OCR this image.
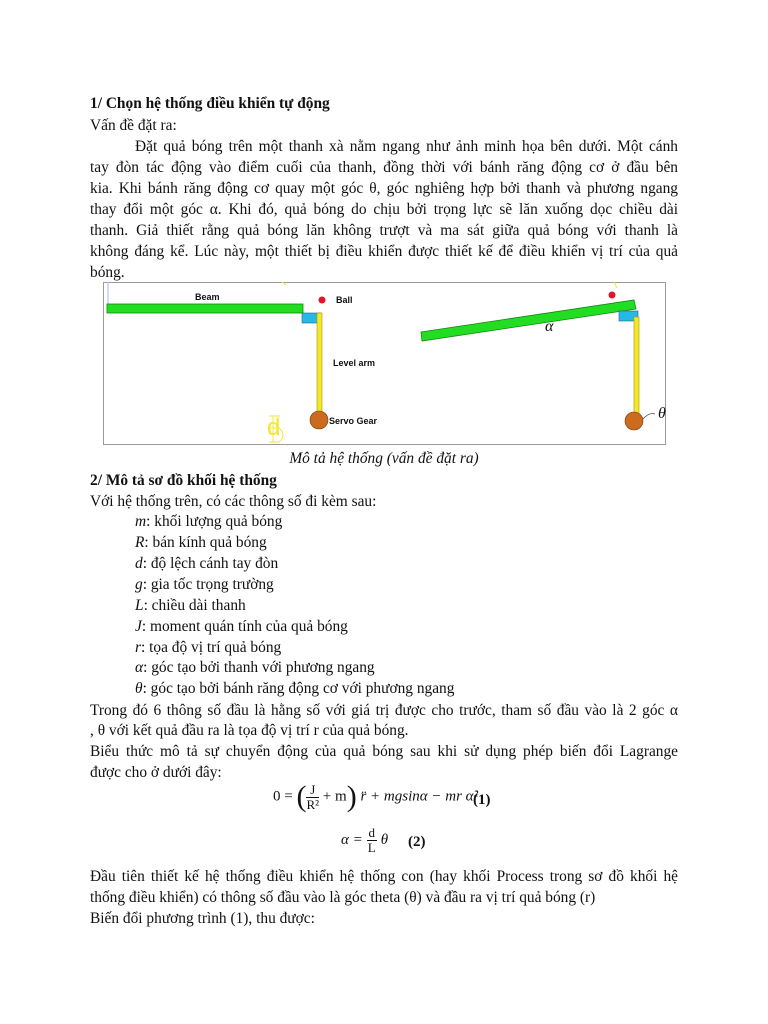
1/ Chọn hệ thống điều khiển tự động
Vấn đề đặt ra:
Đặt quả bóng trên một thanh xà nằm ngang như ảnh minh họa bên dưới. Một cánh
tay đòn tác động vào điểm cuối của thanh, đồng thời với bánh răng động cơ ở đầu bên
kia. Khi bánh răng động cơ quay một góc θ, góc nghiêng hợp bởi thanh và phương ngang
thay đổi một góc α. Khi đó, quả bóng do chịu bởi trọng lực sẽ lăn xuống dọc chiều dài
thanh. Giả thiết rằng quả bóng lăn không trượt và ma sát giữa quả bóng với thanh là
không đáng kể. Lúc này, một thiết bị điều khiển được thiết kế để điều khiển vị trí của quả
bóng.
Beam	Ball
Level arm
Servo Gear
d
α
θ
Mô tả hệ thống (vấn đề đặt ra)
2/ Mô tả sơ đồ khối hệ thống
Với hệ thống trên, có các thông số đi kèm sau:
m: khối lượng quả bóng
R: bán kính quả bóng
d: độ lệch cánh tay đòn
g: gia tốc trọng trường
L: chiều dài thanh
J: moment quán tính của quả bóng
r: tọa độ vị trí quả bóng
α: góc tạo bởi thanh với phương ngang
θ: góc tạo bởi bánh răng động cơ với phương ngang
Trong đó 6 thông số đầu là hằng số với giá trị được cho trước, tham số đầu vào là 2 góc α
, θ với kết quả đầu ra là tọa độ vị trí r của quả bóng.
Biểu thức mô tả sự chuyển động của quả bóng sau khi sử dụng phép biến đổi Lagrange
được cho ở dưới đây:
0 = ( $\frac{J}{\text{R²}} + m$) r̈ + mgsinα − mr α̇²
(1)
$\alpha = \frac{d}{L}$ θ (2)
Đầu tiên thiết kế hệ thống điều khiển hệ thống con (hay khối Process trong sơ đồ khối hệ
thống điều khiển) có thông số đầu vào là góc theta (θ) và đầu ra vị trí quả bóng (r)
Biến đổi phương trình (1), thu được:
